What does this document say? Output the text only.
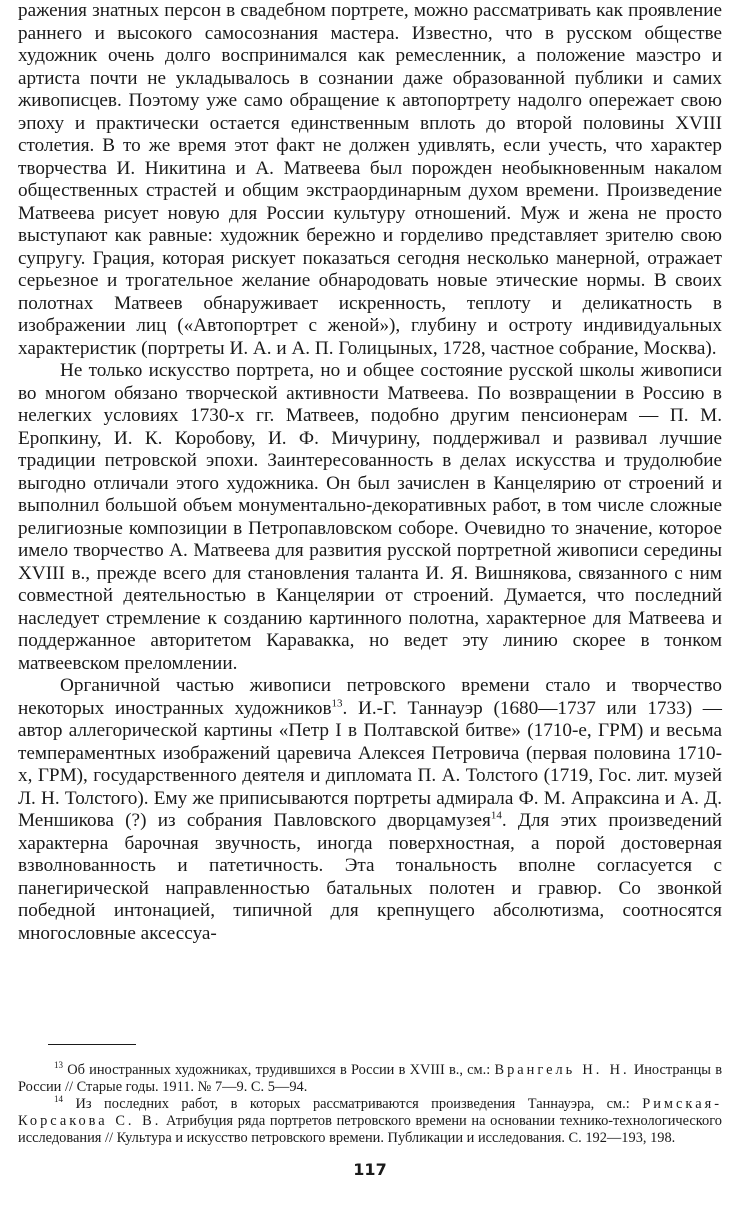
ражения знатных персон в свадебном портрете, можно рассматривать как проявление раннего и высокого самосознания мастера. Известно, что в русском обществе художник очень долго воспринимался как ремесленник, а положение маэстро и артиста почти не укладывалось в сознании даже образованной публики и самих живописцев. Поэтому уже само обращение к автопортрету надолго опережает свою эпоху и практически остается единственным вплоть до второй половины XVIII столетия. В то же время этот факт не должен удивлять, если учесть, что характер творчества И. Никитина и А. Матвеева был порожден необыкновенным накалом общественных страстей и общим экстраординарным духом времени. Произведение Матвеева рисует новую для России культуру отношений. Муж и жена не просто выступают как равные: художник бережно и горделиво представляет зрителю свою супругу. Грация, которая рискует показаться сегодня несколько манерной, отражает серьезное и трогательное желание обнародовать новые этические нормы. В своих полотнах Матвеев обнаруживает искренность, теплоту и деликатность в изображении лиц («Автопортрет с женой»), глубину и остроту индивидуальных характеристик (портреты И. А. и А. П. Голицыных, 1728, частное собрание, Москва).

Не только искусство портрета, но и общее состояние русской школы живописи во многом обязано творческой активности Матвеева. По возвращении в Россию в нелегких условиях 1730-х гг. Матвеев, подобно другим пенсионерам — П. М. Еропкину, И. К. Коробову, И. Ф. Мичурину, поддерживал и развивал лучшие традиции петровской эпохи. Заинтересованность в делах искусства и трудолюбие выгодно отличали этого художника. Он был зачислен в Канцелярию от строений и выполнил большой объем монументально-декоративных работ, в том числе сложные религиозные композиции в Петропавловском соборе. Очевидно то значение, которое имело творчество А. Матвеева для развития русской портретной живописи середины XVIII в., прежде всего для становления таланта И. Я. Вишнякова, связанного с ним совместной деятельностью в Канцелярии от строений. Думается, что последний наследует стремление к созданию картинного полотна, характерное для Матвеева и поддержанное авторитетом Каравакка, но ведет эту линию скорее в тонком матвеевском преломлении.

Органичной частью живописи петровского времени стало и творчество некоторых иностранных художников$^{13}$. И.-Г. Таннауэр (1680—1737 или 1733) — автор аллегорической картины «Петр I в Полтавской битве» (1710-е, ГРМ) и весьма темпераментных изображений царевича Алексея Петровича (первая половина 1710-х, ГРМ), государственного деятеля и дипломата П. А. Толстого (1719, Гос. лит. музей Л. Н. Толстого). Ему же приписываются портреты адмирала Ф. М. Апраксина и А. Д. Меншикова (?) из собрания Павловского дворцамузея$^{14}$. Для этих произведений характерна барочная звучность, иногда поверхностная, а порой достоверная взволнованность и патетичность. Эта тональность вполне согласуется с панегирической направленностью батальных полотен и гравюр. Со звонкой победной интонацией, типичной для крепнущего абсолютизма, соотносятся многословные аксессуа-

$^{13}$ Об иностранных художниках, трудившихся в России в XVIII в., см.: Врангель Н. Н. Иностранцы в России // Старые годы. 1911. № 7—9. С. 5—94.

$^{14}$ Из последних работ, в которых рассматриваются произведения Таннауэра, см.: Римская-Корсакова С. В. Атрибуция ряда портретов петровского времени на основании технико-технологического исследования // Культура и искусство петровского времени. Публикации и исследования. С. 192—193, 198.

117
